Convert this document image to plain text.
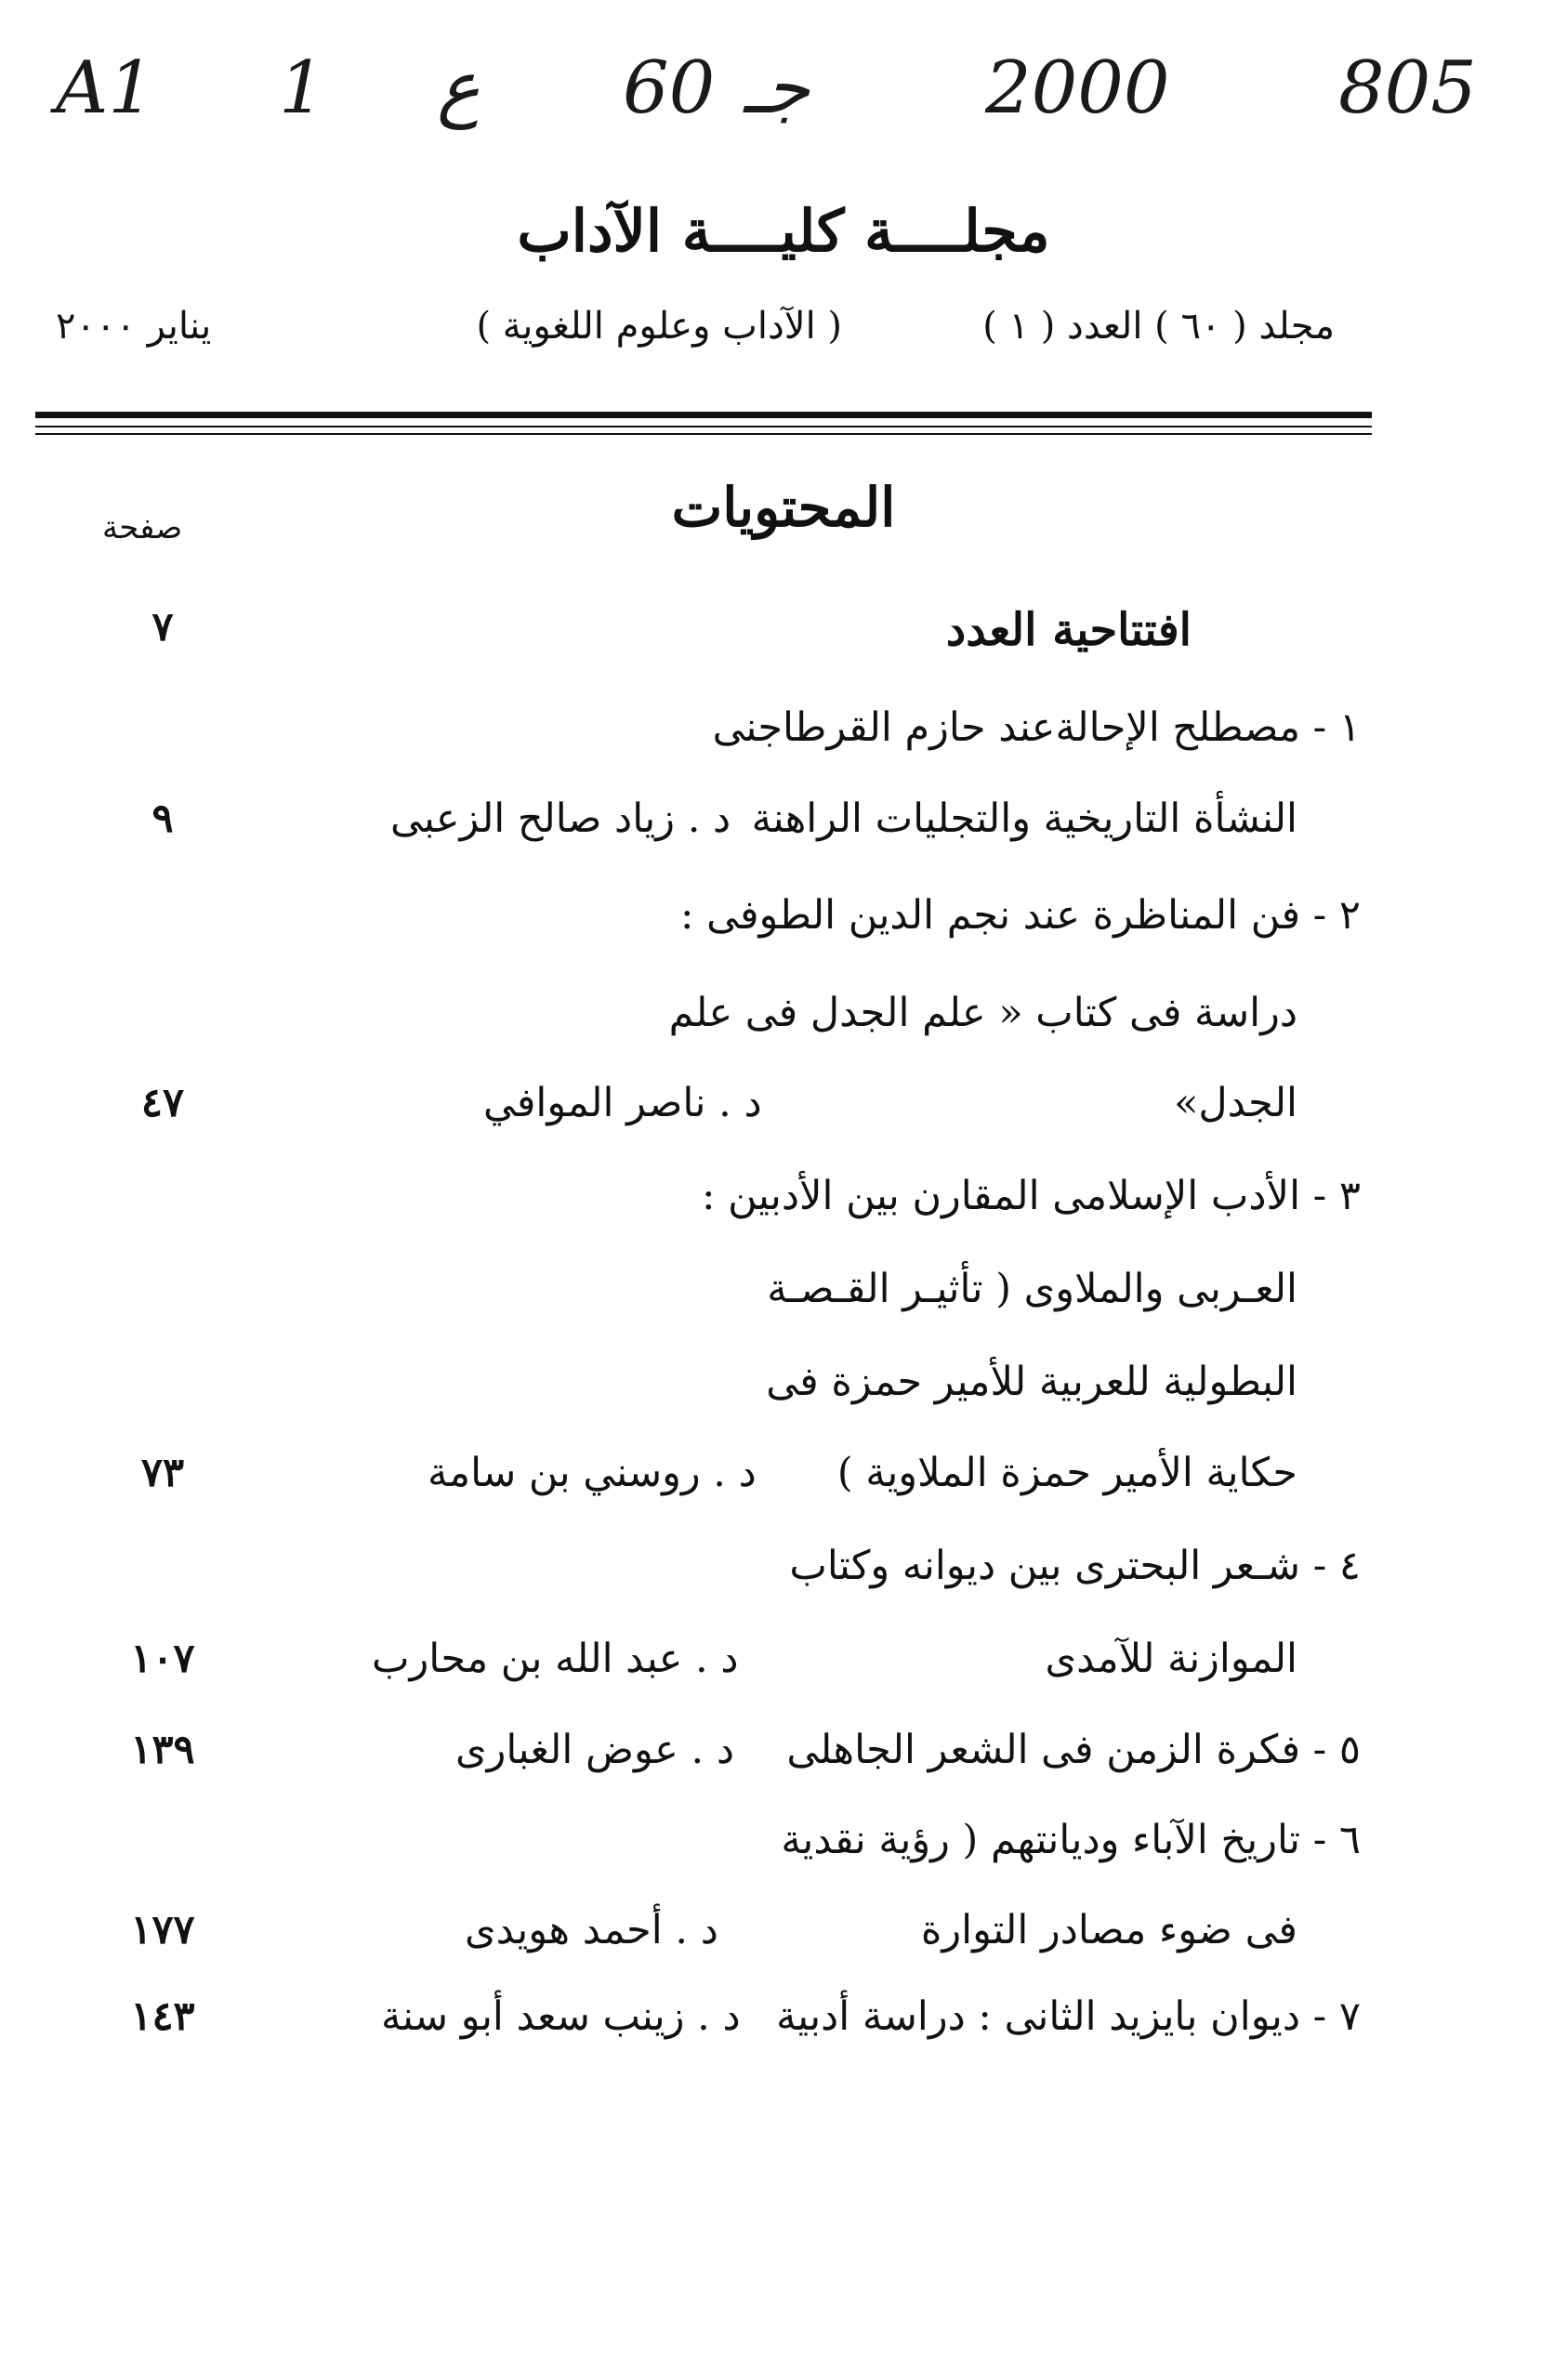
A1 1 ع 60 جـ 2000 805
مجلــــة كليــــة الآداب
مجلد ( ٦٠ ) العدد ( ١ )
( الآداب وعلوم اللغوية )
يناير ٢٠٠٠
المحتويات
صفحة
افتتاحية العدد
٧
١ - مصطلح الإحالةعند حازم القرطاجنى
النشأة التاريخية والتجليات الراهنة
د . زياد صالح الزعبى
٩
٢ - فن المناظرة عند نجم الدين الطوفى :
دراسة فى كتاب « علم الجدل فى علم
الجدل»
د . ناصر الموافي
٤٧
٣ - الأدب الإسلامى المقارن بين الأدبين :
العـربى والملاوى ( تأثيـر القـصـة
البطولية للعربية للأمير حمزة فى
حكاية الأمير حمزة الملاوية )
د . روسني بن سامة
٧٣
٤ - شـعر البحترى بين ديوانه وكتاب
الموازنة للآمدى
د . عبد الله بن محارب
١٠٧
٥ - فكرة الزمن فى الشعر الجاهلى
د . عوض الغبارى
١٣٩
٦ - تاريخ الآباء وديانتهم ( رؤية نقدية
فى ضوء مصادر التوارة
د . أحمد هويدى
١٧٧
٧ - ديوان بايزيد الثانى : دراسة أدبية
د . زينب سعد أبو سنة
١٤٣
